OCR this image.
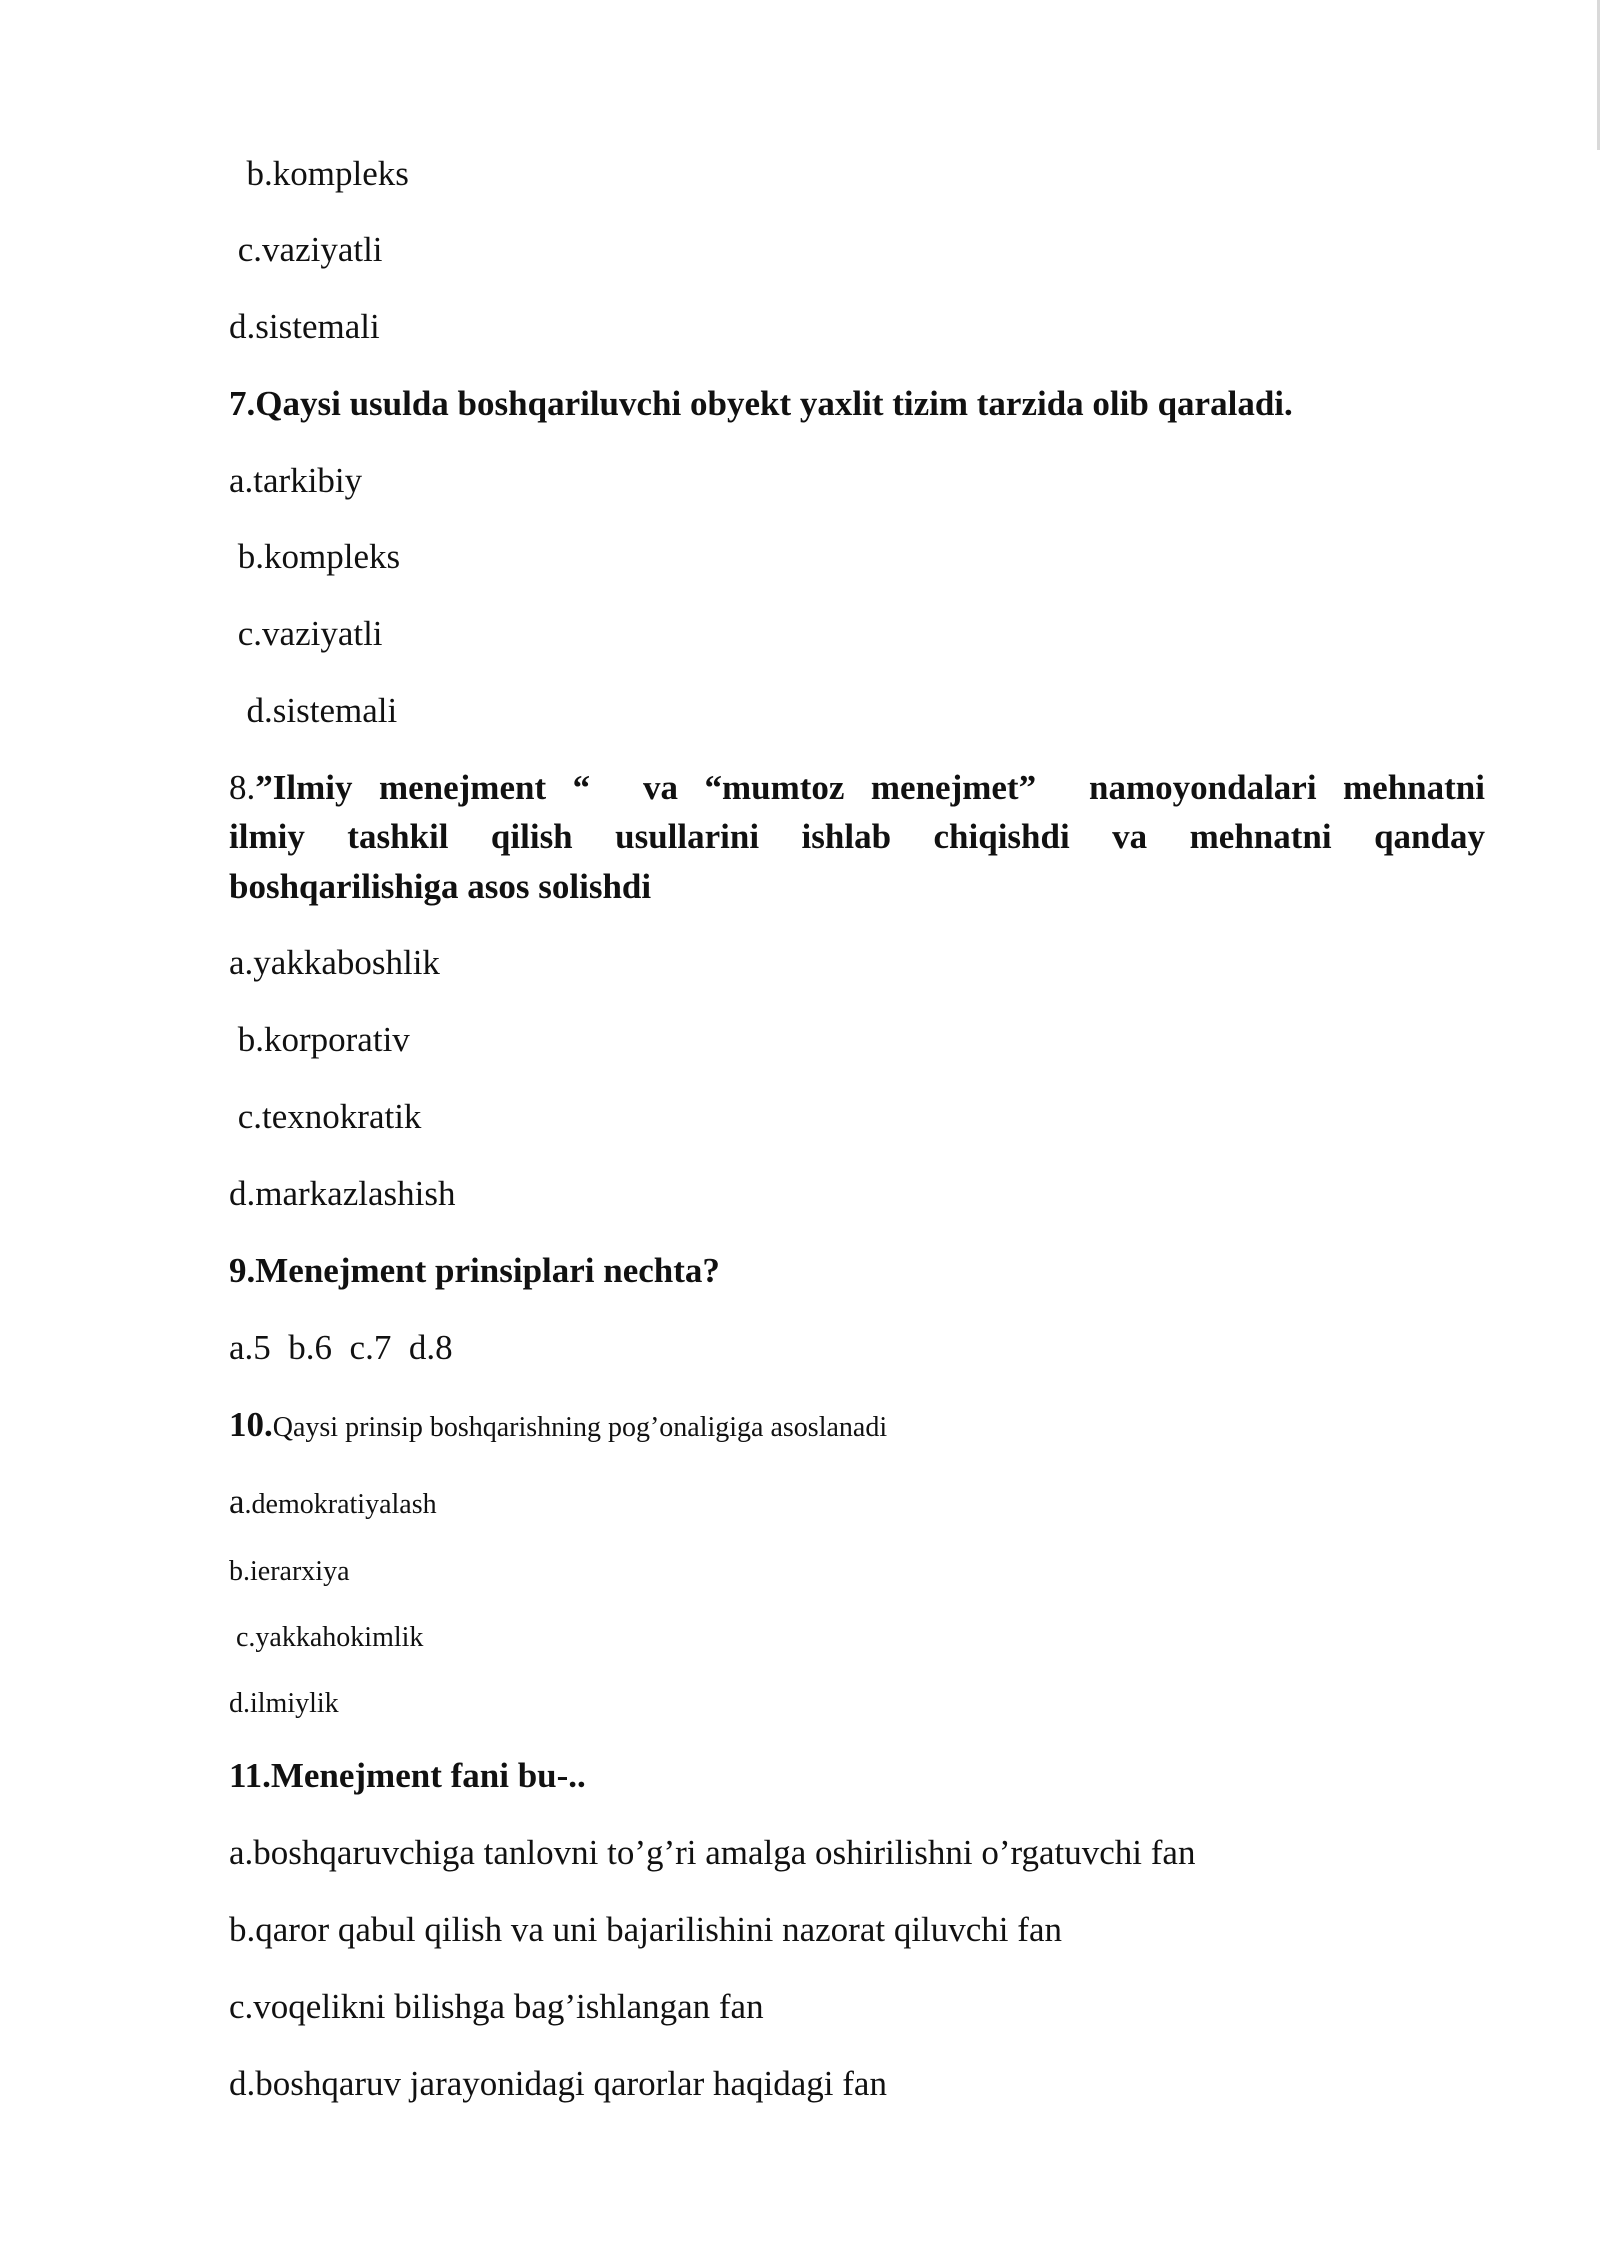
b.kompleks
c.vaziyatli
d.sistemali
7.Qaysi usulda boshqariluvchi obyekt yaxlit tizim tarzida olib qaraladi.
a.tarkibiy
b.kompleks
c.vaziyatli
d.sistemali
8.”Ilmiy menejment “  va “mumtoz menejmet”  namoyondalari mehnatni
ilmiy tashkil qilish usullarini ishlab chiqishdi va mehnatni qanday
boshqarilishiga asos solishdi
a.yakkaboshlik
b.korporativ
c.texnokratik
d.markazlashish
9.Menejment prinsiplari nechta?
a.5  b.6  c.7  d.8
10.Qaysi prinsip boshqarishning pog’onaligiga asoslanadi
a.demokratiyalash
b.ierarxiya
c.yakkahokimlik
d.ilmiylik
11.Menejment fani bu-..
a.boshqaruvchiga tanlovni to’g’ri amalga oshirilishni o’rgatuvchi fan
b.qaror qabul qilish va uni bajarilishini nazorat qiluvchi fan
c.voqelikni bilishga bag’ishlangan fan
d.boshqaruv jarayonidagi qarorlar haqidagi fan
